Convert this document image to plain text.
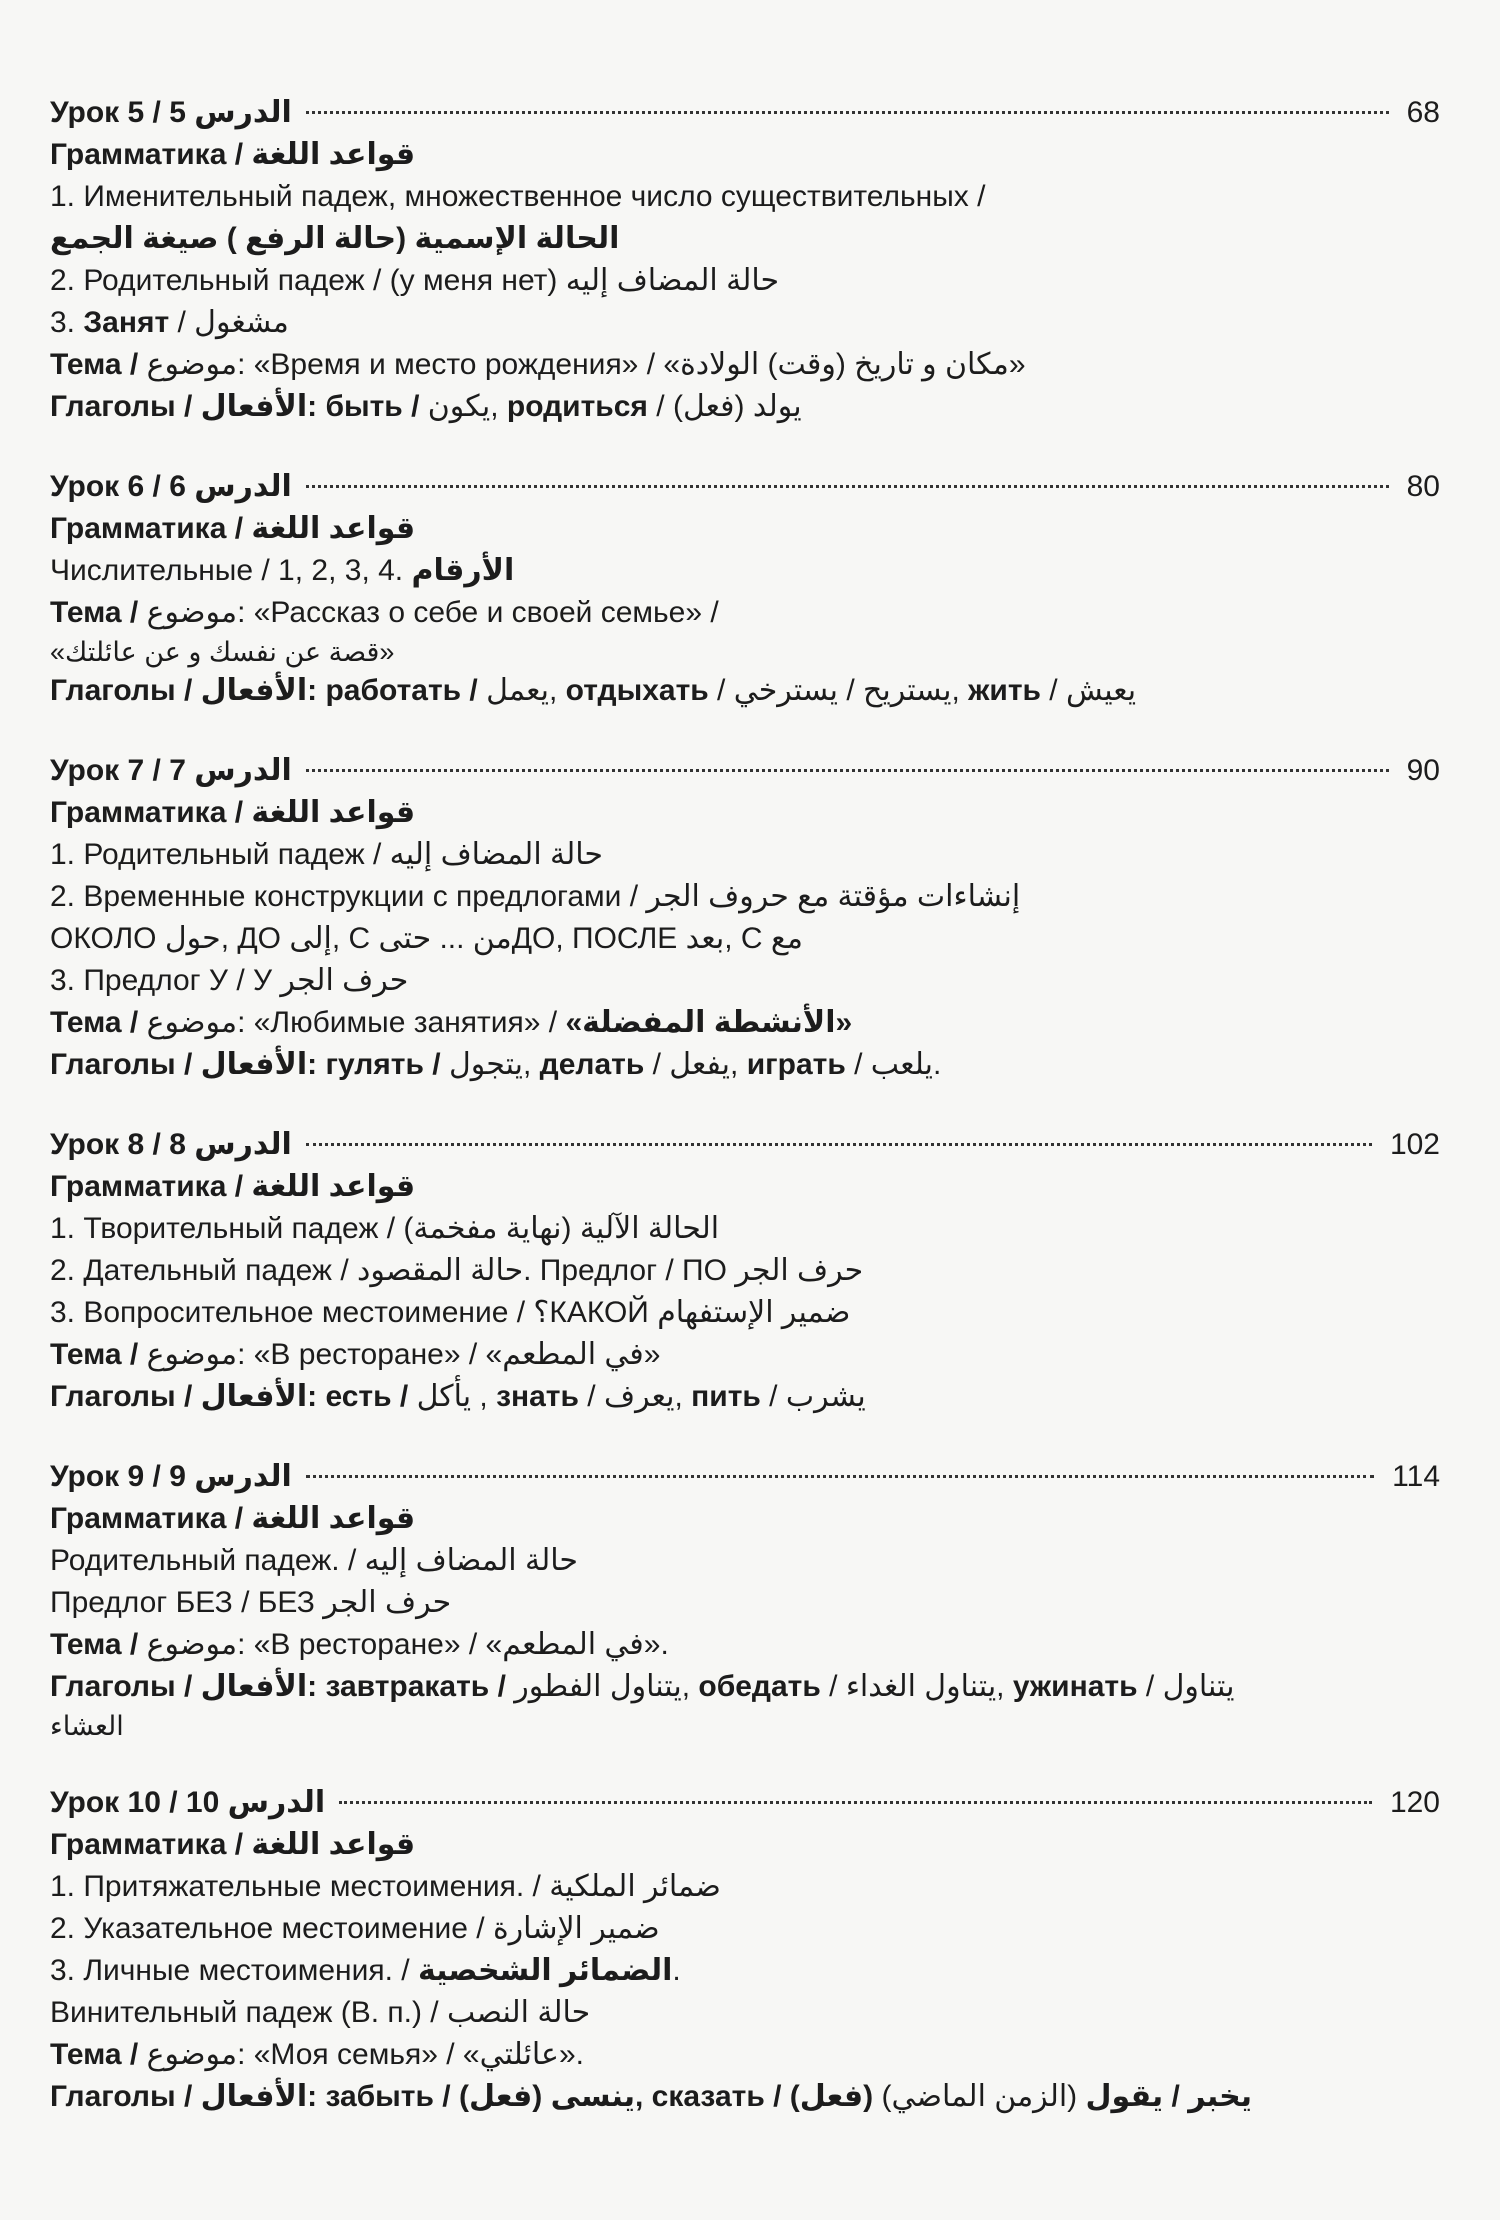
Урок 5 / 5 الدرس	68
Грамматика / قواعد اللغة
1. Именительный падеж, множественное число существительных /
الحالة الإسمية (حالة الرفع ) صيغة الجمع
2. Родительный падеж / (у меня нет) حالة المضاف إليه
3. Занят / مشغول
Тема / موضوع: «Время и место рождения» / «مكان و تاريخ (وقت) الولادة»
Глаголы / الأفعال: быть / يكون, родиться / يولد (فعل)
Урок 6 / 6 الدرس	80
Грамматика / قواعد اللغة
Числительные / 1, 2, 3, 4. الأرقام
Тема / موضوع: «Рассказ о себе и своей семье» /
«قصة عن نفسك و عن عائلتك»
Глаголы / الأفعال: работать / يعمل, отдыхать / يستريح / يسترخي, жить / يعيش
Урок 7 / 7 الدرس	90
Грамматика / قواعد اللغة
1. Родительный падеж / حالة المضاف إليه
2. Временные конструкции с предлогами / إنشاءات مؤقتة مع حروف الجر
ОКОЛО حول, ДО إلى, С من ... حتىДО, ПОСЛЕ بعد, С مع
3. Предлог У / У حرف الجر
Тема / موضوع: «Любимые занятия» / «الأنشطة المفضلة»
Глаголы / الأفعال: гулять / يتجول, делать / يفعل, играть / يلعب.
Урок 8 / 8 الدرس	102
Грамматика / قواعد اللغة
1. Творительный падеж / (نهاية مفخمة) الحالة الآلية
2. Дательный падеж / حالة المقصود. Предлог / ПО حرف الجر
3. Вопросительное местоимение / ؟КАКОЙ ضمير الإستفهام
Тема / موضوع: «В ресторане» / «في المطعم»
Глаголы / الأفعال: есть / يأكل , знать / يعرف, пить / يشرب
Урок 9 / 9 الدرس	114
Грамматика / قواعد اللغة
Родительный падеж. / حالة المضاف إليه
Предлог БЕЗ / БЕЗ حرف الجر
Тема / موضوع: «В ресторане» / «في المطعم».
Глаголы / الأفعال: завтракать / يتناول الفطور, обедать / يتناول الغداء, ужинать / يتناول
العشاء
Урок 10 / 10 الدرس	120
Грамматика / قواعد اللغة
1. Притяжательные местоимения. / ضمائر الملكية
2. Указательное местоимение / ضمير الإشارة
3. Личные местоимения. / الضمائر الشخصية.
Винительный падеж (В. п.) / حالة النصب
Тема / موضوع: «Моя семья» / «عائلتي».
Глаголы / الأفعال: забыть / (فعل) ينسى, сказать / (فعل) يخبر / يقول (الزمن الماضي)
